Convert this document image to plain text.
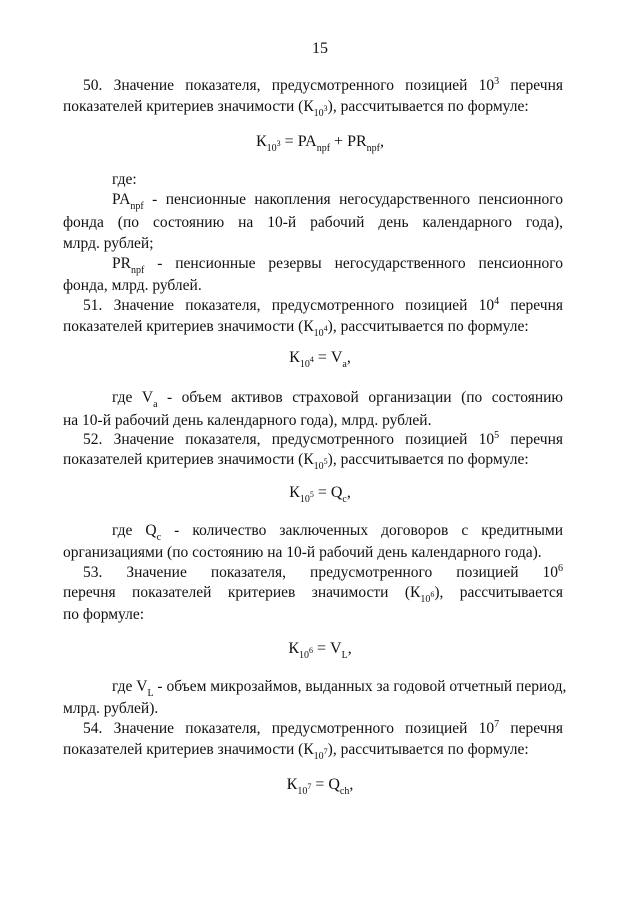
15
50. Значение показателя, предусмотренного позицией $10^3$ перечня
показателей критериев значимости $(К_{10^3})$, рассчитывается по формуле:
$К_{10^3} = PA_{npf} + PR_{npf}$,
где:
$PA_{npf}$ - пенсионные накопления негосударственного пенсионного
фонда (по состоянию на 10-й рабочий день календарного года),
млрд. рублей;
$PR_{npf}$ - пенсионные резервы негосударственного пенсионного
фонда, млрд. рублей.
51. Значение показателя, предусмотренного позицией $10^4$ перечня
показателей критериев значимости $(К_{10^4})$, рассчитывается по формуле:
$К_{10^4} = V_a$,
где $V_a$ - объем активов страховой организации (по состоянию
на 10-й рабочий день календарного года), млрд. рублей.
52. Значение показателя, предусмотренного позицией $10^5$ перечня
показателей критериев значимости $(К_{10^5})$, рассчитывается по формуле:
$К_{10^5} = Q_c$,
где $Q_c$ - количество заключенных договоров с кредитными
организациями (по состоянию на 10-й рабочий день календарного года).
53. Значение показателя, предусмотренного позицией $10^6$
перечня показателей критериев значимости $(К_{10^6})$, рассчитывается
по формуле:
$К_{10^6} = V_L$,
где $V_L$ - объем микрозаймов, выданных за годовой отчетный период,
млрд. рублей).
54. Значение показателя, предусмотренного позицией $10^7$ перечня
показателей критериев значимости $(К_{10^7})$, рассчитывается по формуле:
$К_{10^7} = Q_{ch}$,
